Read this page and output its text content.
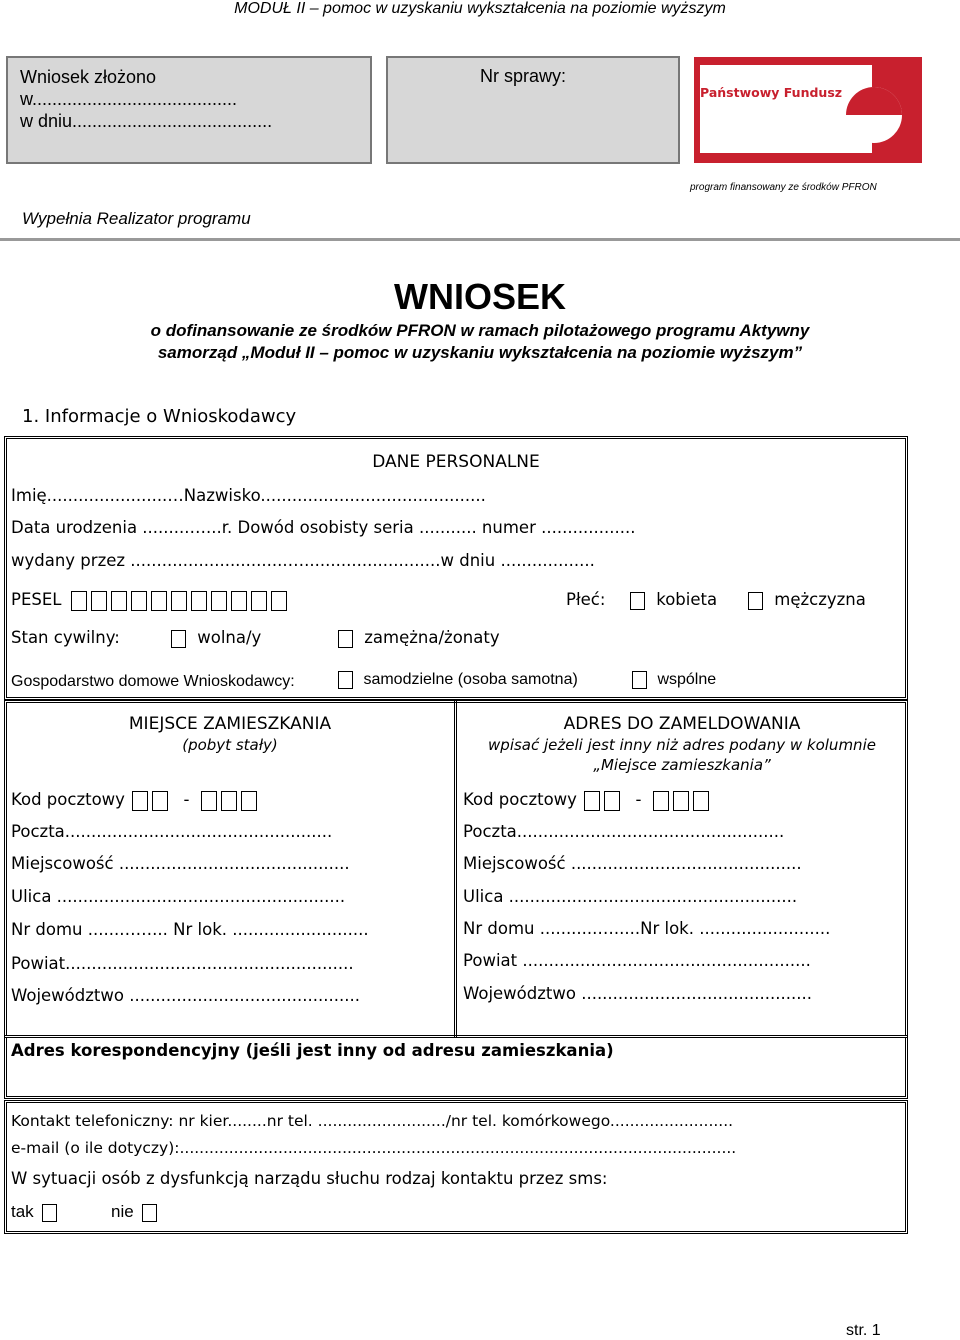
MODUŁ II – pomoc w uzyskaniu wykształcenia na poziomie wyższym
Wniosek złożono
w.........................................
w dniu........................................
Nr sprawy:
Państwowy Fundusz
Rehabilitacji Osób
Niepełnosprawnych
program finansowany ze środków PFRON
Wypełnia Realizator programu
WNIOSEK
o dofinansowanie ze środków PFRON w ramach pilotażowego programu Aktywny
samorząd „Moduł II – pomoc w uzyskaniu wykształcenia na poziomie wyższym”
1. Informacje o Wnioskodawcy
DANE PERSONALNE
Imię.......................…Nazwisko...........................................
Data urodzenia .........…...r. Dowód osobisty seria ........... numer ..................
wydany przez ..............................…..........................w dniu ..................
PESEL	Płeć:	kobieta	mężczyzna
Stan cywilny:	wolna/y	zamężna/żonaty
Gospodarstwo domowe Wnioskodawcy:	samodzielne (osoba samotna)	wspólne
MIEJSCE ZAMIESZKANIA
(pobyt stały)
Kod pocztowy	-
Poczta...................................................
Miejscowość ............................................
Ulica .......................................................
Nr domu ......……... Nr lok. ..........................
Powiat.......................................................
Województwo ............................................
ADRES DO ZAMELDOWANIA
wpisać jeżeli jest inny niż adres podany w kolumnie
„Miejsce zamieszkania”
Kod pocztowy	-
Poczta...................................................
Miejscowość ............................................
Ulica .......................................................
Nr domu ...........….....Nr lok. .........................
Powiat .......................................................
Województwo ............................................
Adres korespondencyjny (jeśli jest inny od adresu zamieszkania)
Kontakt telefoniczny: nr kier........nr tel. ........................../nr tel. komórkowego.........................
e-mail (o ile dotyczy):.................................................................................................................
W sytuacji osób z dysfunkcją narządu słuchu rodzaj kontaktu przez sms:
tak	nie
str. 1
